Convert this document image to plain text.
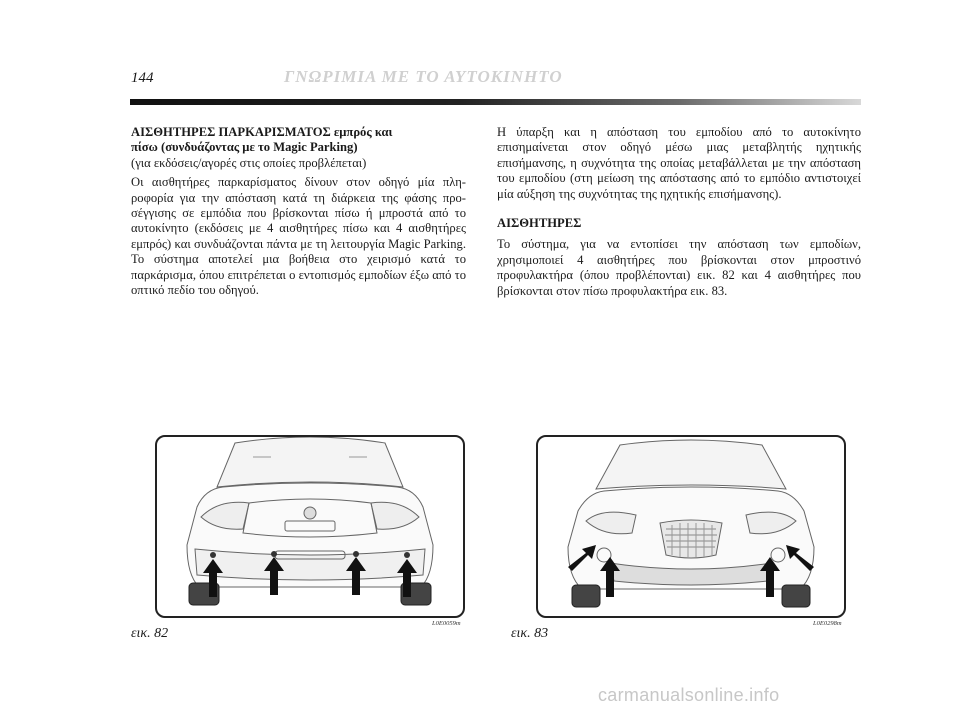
144	ΓΝΩΡΙΜΙΑ ΜΕ ΤΟ ΑΥΤΟΚΙΝΗΤΟ
ΑΙΣΘΗΤΗΡΕΣ ΠΑΡΚΑΡΙΣΜΑΤΟΣ εμπρός και
πίσω (συνδυάζοντας με το Magic Parking)
(για εκδόσεις/αγορές στις οποίες προβλέπεται)

Οι αισθητήρες παρκαρίσματος δίνουν στον οδηγό μία πλη-ροφορία για την απόσταση κατά τη διάρκεια της φάσης προ-σέγγισης σε εμπόδια που βρίσκονται πίσω ή μπροστά από το αυτοκίνητο (εκδόσεις με 4 αισθητήρες πίσω και 4 αισθητήρες εμπρός) και συνδυάζονται πάντα με τη λειτουργία Magic Parking. Το σύστημα αποτελεί μια βοήθεια στο χειρισμό κατά το παρκάρισμα, όπου επιτρέπεται ο εντοπισμός εμποδίων έξω από το οπτικό πεδίο του οδηγού.

Η ύπαρξη και η απόσταση του εμποδίου από το αυτοκίνητο επισημαίνεται στον οδηγό μέσω μιας μεταβλητής ηχητικής επισήμανσης, η συχνότητα της οποίας μεταβάλλεται με την απόσταση του εμποδίου (στη μείωση της απόστασης από το εμπόδιο αντιστοιχεί μία αύξηση της συχνότητας της ηχητικής επισήμανσης).

ΑΙΣΘΗΤΗΡΕΣ

Το σύστημα, για να εντοπίσει την απόσταση των εμποδίων, χρησιμοποιεί 4 αισθητήρες που βρίσκονται στον μπροστινό προφυλακτήρα (όπου προβλέπονται) εικ. 82 και 4 αισθητήρες που βρίσκονται στον πίσω προφυλακτήρα εικ. 83.

εικ. 82
L0E0059m
εικ. 83
L0E0298m
carmanualsonline.info
